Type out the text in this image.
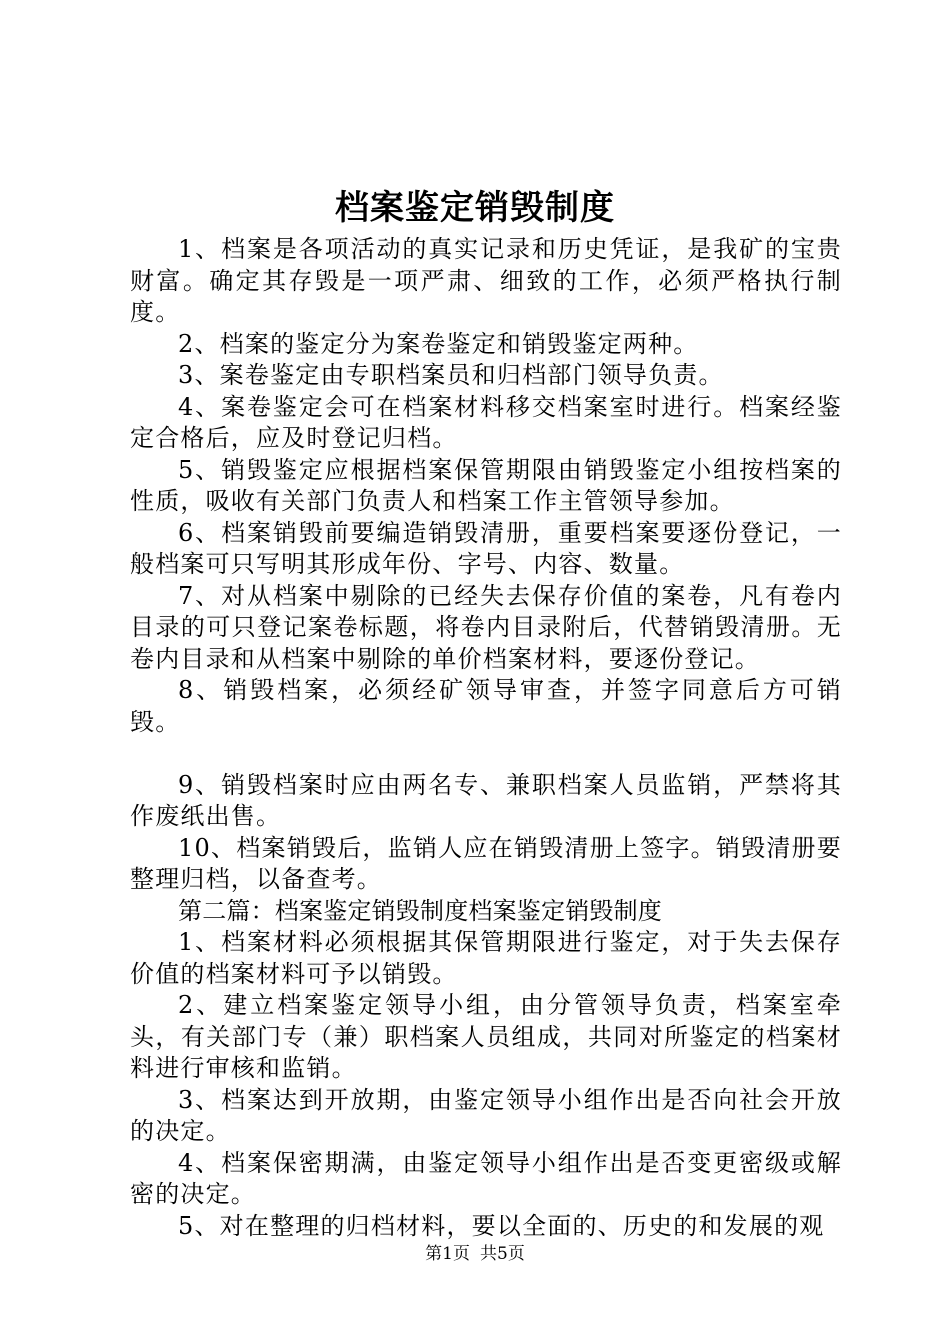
档案鉴定销毁制度

1、档案是各项活动的真实记录和历史凭证，是我矿的宝贵财富。确定其存毁是一项严肃、细致的工作，必须严格执行制度。

2、档案的鉴定分为案卷鉴定和销毁鉴定两种。

3、案卷鉴定由专职档案员和归档部门领导负责。

4、案卷鉴定会可在档案材料移交档案室时进行。档案经鉴定合格后，应及时登记归档。

5、销毁鉴定应根据档案保管期限由销毁鉴定小组按档案的性质，吸收有关部门负责人和档案工作主管领导参加。

6、档案销毁前要编造销毁清册，重要档案要逐份登记，一般档案可只写明其形成年份、字号、内容、数量。

7、对从档案中剔除的已经失去保存价值的案卷，凡有卷内目录的可只登记案卷标题，将卷内目录附后，代替销毁清册。无卷内目录和从档案中剔除的单价档案材料，要逐份登记。

8、销毁档案，必须经矿领导审查，并签字同意后方可销毁。

9、销毁档案时应由两名专、兼职档案人员监销，严禁将其作废纸出售。

10、档案销毁后，监销人应在销毁清册上签字。销毁清册要整理归档，以备查考。

第二篇：档案鉴定销毁制度档案鉴定销毁制度

1、档案材料必须根据其保管期限进行鉴定，对于失去保存价值的档案材料可予以销毁。

2、建立档案鉴定领导小组，由分管领导负责，档案室牵头，有关部门专（兼）职档案人员组成，共同对所鉴定的档案材料进行审核和监销。

3、档案达到开放期，由鉴定领导小组作出是否向社会开放的决定。

4、档案保密期满，由鉴定领导小组作出是否变更密级或解密的决定。

5、对在整理的归档材料，要以全面的、历史的和发展的观

第1页 共5页
